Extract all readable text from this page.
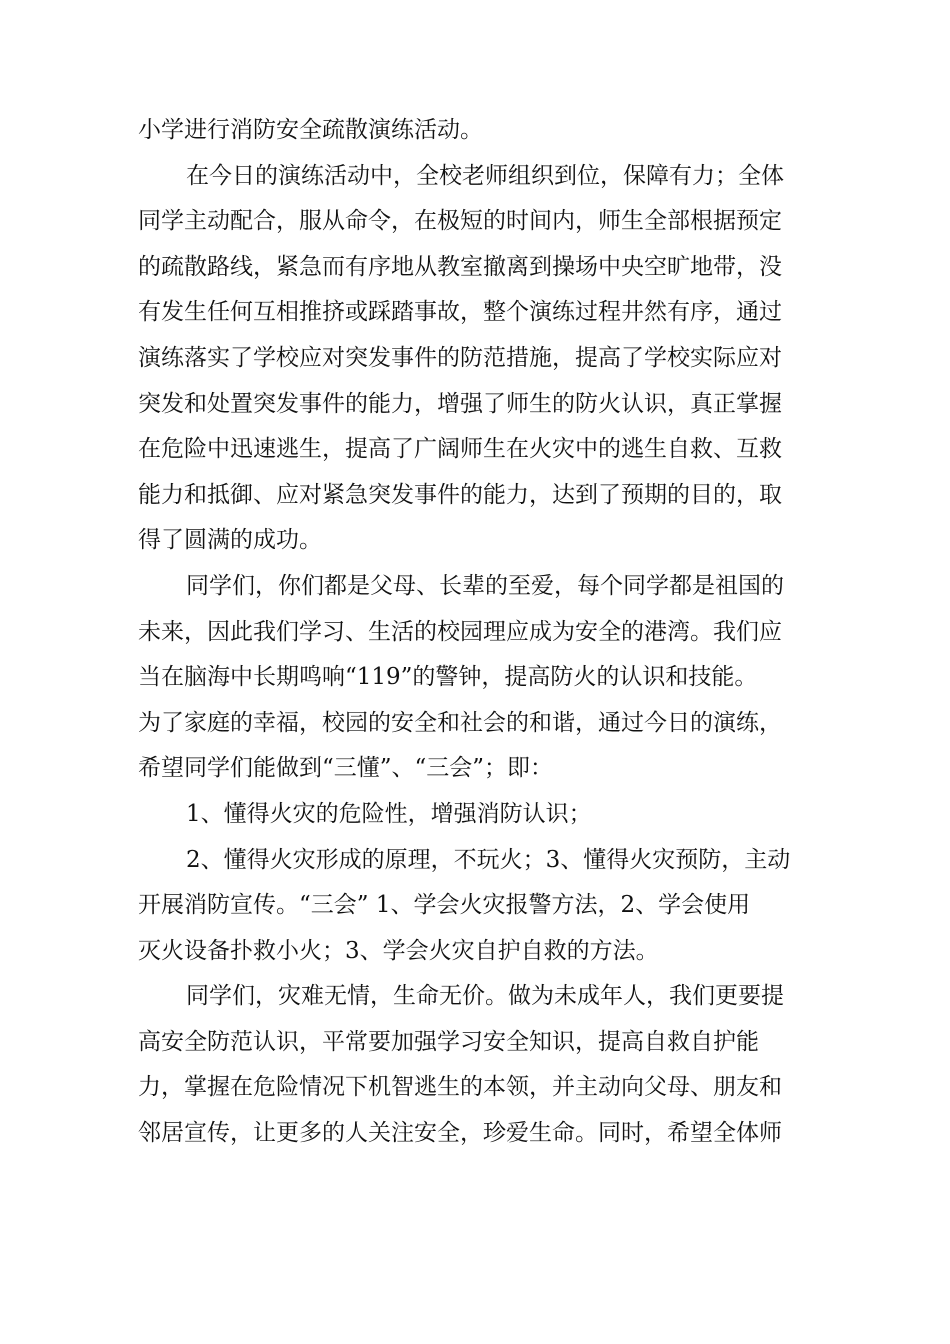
小学进行消防安全疏散演练活动。
在今日的演练活动中，全校老师组织到位，保障有力；全体
同学主动配合，服从命令，在极短的时间内，师生全部根据预定
的疏散路线，紧急而有序地从教室撤离到操场中央空旷地带，没
有发生任何互相推挤或踩踏事故，整个演练过程井然有序，通过
演练落实了学校应对突发事件的防范措施，提高了学校实际应对
突发和处置突发事件的能力，增强了师生的防火认识，真正掌握
在危险中迅速逃生，提高了广阔师生在火灾中的逃生自救、互救
能力和抵御、应对紧急突发事件的能力，达到了预期的目的，取
得了圆满的成功。
同学们，你们都是父母、长辈的至爱，每个同学都是祖国的
未来，因此我们学习、生活的校园理应成为安全的港湾。我们应
当在脑海中长期鸣响“119”的警钟，提高防火的认识和技能。
为了家庭的幸福，校园的安全和社会的和谐，通过今日的演练，
希望同学们能做到“三懂”、“三会”；即：
1、懂得火灾的危险性，增强消防认识；
2、懂得火灾形成的原理，不玩火；3、懂得火灾预防，主动
开展消防宣传。“三会” 1、学会火灾报警方法，2、学会使用
灭火设备扑救小火；3、学会火灾自护自救的方法。
同学们，灾难无情，生命无价。做为未成年人，我们更要提
高安全防范认识，平常要加强学习安全知识，提高自救自护能
力，掌握在危险情况下机智逃生的本领，并主动向父母、朋友和
邻居宣传，让更多的人关注安全，珍爱生命。同时，希望全体师
